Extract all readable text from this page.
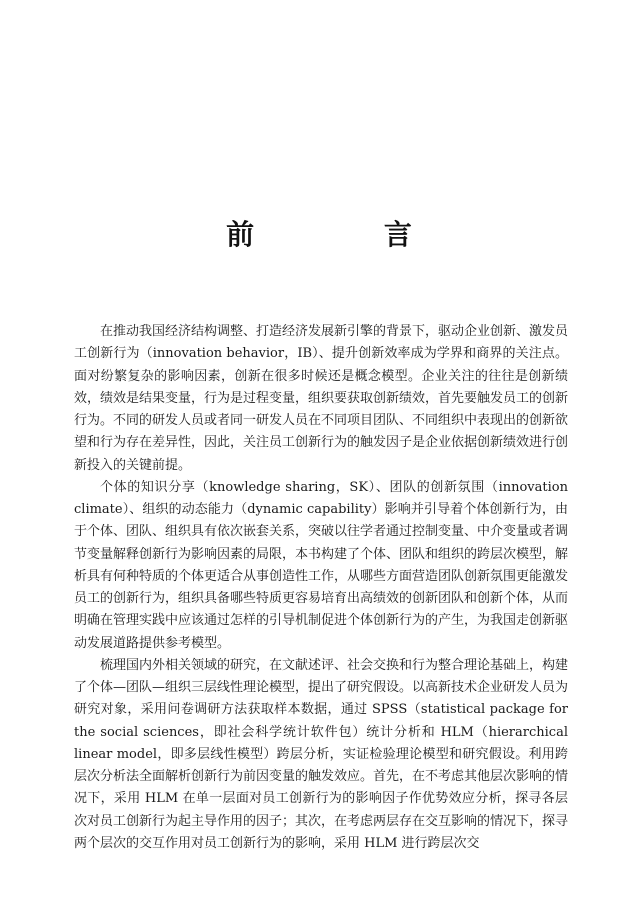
前 言

在推动我国经济结构调整、打造经济发展新引擎的背景下，驱动企业创新、激发员工创新行为（innovation behavior，IB）、提升创新效率成为学界和商界的关注点。面对纷繁复杂的影响因素，创新在很多时候还是概念模型。企业关注的往往是创新绩效，绩效是结果变量，行为是过程变量，组织要获取创新绩效，首先要触发员工的创新行为。不同的研发人员或者同一研发人员在不同项目团队、不同组织中表现出的创新欲望和行为存在差异性，因此，关注员工创新行为的触发因子是企业依据创新绩效进行创新投入的关键前提。

个体的知识分享（knowledge sharing，SK）、团队的创新氛围（innovation climate）、组织的动态能力（dynamic capability）影响并引导着个体创新行为，由于个体、团队、组织具有依次嵌套关系，突破以往学者通过控制变量、中介变量或者调节变量解释创新行为影响因素的局限，本书构建了个体、团队和组织的跨层次模型，解析具有何种特质的个体更适合从事创造性工作，从哪些方面营造团队创新氛围更能激发员工的创新行为，组织具备哪些特质更容易培育出高绩效的创新团队和创新个体，从而明确在管理实践中应该通过怎样的引导机制促进个体创新行为的产生，为我国走创新驱动发展道路提供参考模型。

梳理国内外相关领域的研究，在文献述评、社会交换和行为整合理论基础上，构建了个体—团队—组织三层线性理论模型，提出了研究假设。以高新技术企业研发人员为研究对象，采用问卷调研方法获取样本数据，通过 SPSS（statistical package for the social sciences，即社会科学统计软件包）统计分析和 HLM（hierarchical linear model，即多层线性模型）跨层分析，实证检验理论模型和研究假设。利用跨层次分析法全面解析创新行为前因变量的触发效应。首先，在不考虑其他层次影响的情况下，采用 HLM 在单一层面对员工创新行为的影响因子作优势效应分析，探寻各层次对员工创新行为起主导作用的因子；其次，在考虑两层存在交互影响的情况下，探寻两个层次的交互作用对员工创新行为的影响，采用 HLM 进行跨层次交
